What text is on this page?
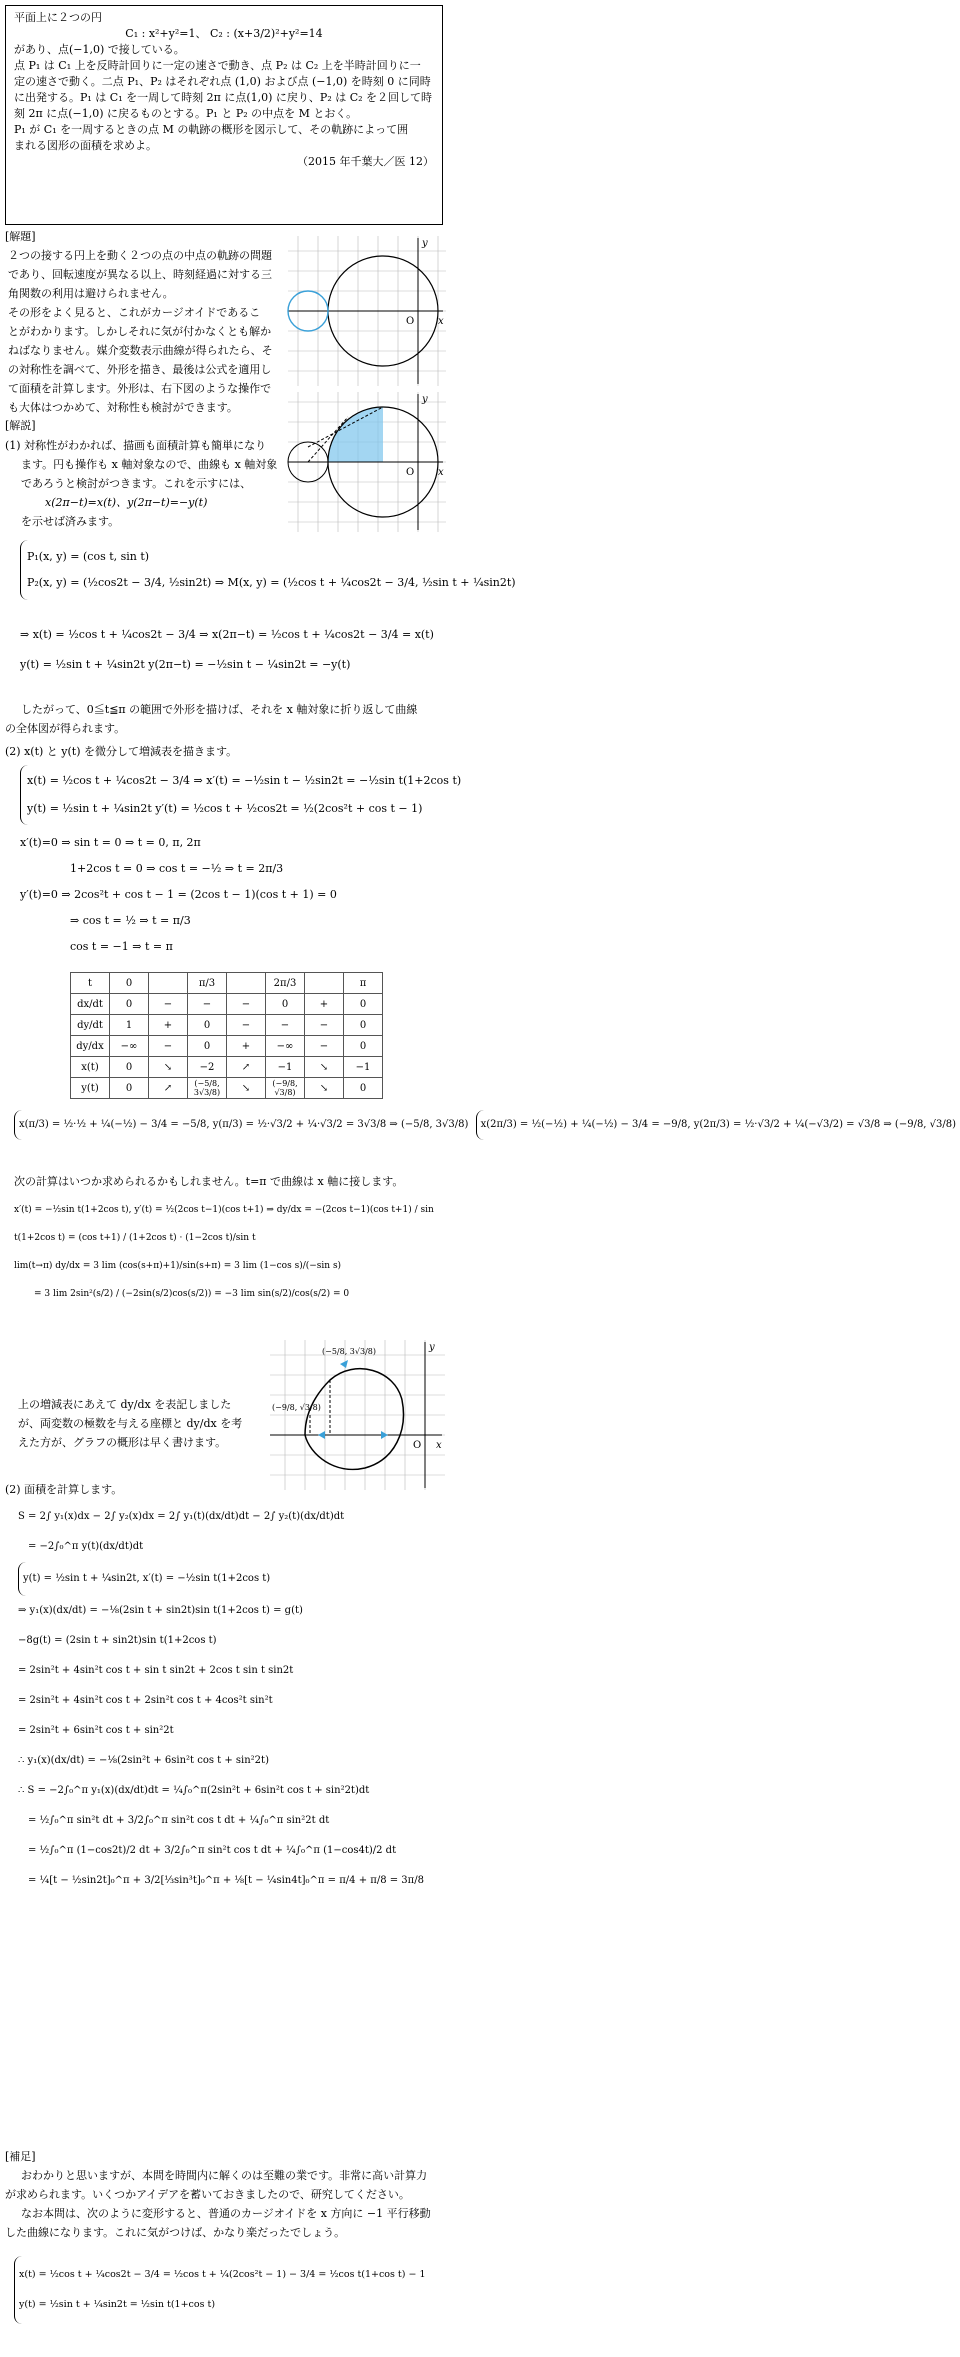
平面上に２つの円

C₁ : x²+y²=1、 C₂ : (x+3/2)²+y²=14

があり、点(−1,0) で接している。

点 P₁ は C₁ 上を反時計回りに一定の速さで動き、点 P₂ は C₂ 上を半時計回りに一

定の速さで動く。二点 P₁、P₂ はそれぞれ点 (1,0) および点 (−1,0) を時刻 0 に同時

に出発する。P₁ は C₁ を一周して時刻 2π に点(1,0) に戻り、P₂ は C₂ を２回して時

刻 2π に点(−1,0) に戻るものとする。P₁ と P₂ の中点を M とおく。

P₁ が C₁ を一周するときの点 M の軌跡の概形を図示して、その軌跡によって囲

まれる図形の面積を求めよ。

（2015 年千葉大／医 12）

[解題]
２つの接する円上を動く２つの点の中点の軌跡の問題
であり、回転速度が異なる以上、時刻経過に対する三
角関数の利用は避けられません。
その形をよく見ると、これがカージオイドであるこ
とがわかります。しかしそれに気が付かなくとも解か
ねばなりません。媒介変数表示曲線が得られたら、そ
の対称性を調べて、外形を描き、最後は公式を適用し
て面積を計算します。外形は、右下図のような操作で
も大体はつかめて、対称性も検討ができます。
O x
y
O x
y
[解説]
(1) 対称性がわかれば、描画も面積計算も簡単になり
ます。円も操作も x 軸対象なので、曲線も x 軸対象
であろうと検討がつきます。これを示すには、
x(2π−t)=x(t)、y(2π−t)=−y(t)
を示せば済みます。
P₁(x, y) = (cos t, sin t)
P₂(x, y) = (½cos2t − 3/4, ½sin2t) ⇒ M(x, y) = (½cos t + ¼cos2t − 3/4, ½sin t + ¼sin2t)
⇒ x(t) = ½cos t + ¼cos2t − 3/4 ⇒ x(2π−t) = ½cos t + ¼cos2t − 3/4 = x(t)
y(t) = ½sin t + ¼sin2t y(2π−t) = −½sin t − ¼sin2t = −y(t)
したがって、0≦t≦π の範囲で外形を描けば、それを x 軸対象に折り返して曲線
の全体図が得られます。
(2) x(t) と y(t) を微分して増減表を描きます。
x(t) = ½cos t + ¼cos2t − 3/4 ⇒ x′(t) = −½sin t − ½sin2t = −½sin t(1+2cos t)
y(t) = ½sin t + ¼sin2t y′(t) = ½cos t + ½cos2t = ½(2cos²t + cos t − 1)
x′(t)=0 ⇒ sin t = 0 ⇒ t = 0, π, 2π
1+2cos t = 0 ⇒ cos t = −½ ⇒ t = 2π/3
y′(t)=0 ⇒ 2cos²t + cos t − 1 = (2cos t − 1)(cos t + 1) = 0
⇒ cos t = ½ ⇒ t = π/3
cos t = −1 ⇒ t = π
t	0		π/3		2π/3		π
dx/dt	0	−	−	−	0	+	0
dy/dt	1	+	0	−	−	−	0
dy/dx	−∞	−	0	+	−∞	−	0
x(t)	0	↘	−2	↗	−1	↘	−1
y(t)	0	↗	(−5/8, 3√3/8)	↘	(−9/8, √3/8)	↘	0
x(π/3) = ½·½ + ¼(−½) − 3/4 = −5/8, y(π/3) = ½·√3/2 + ¼·√3/2 = 3√3/8 ⇒ (−5/8, 3√3/8) x(2π/3) = ½(−½) + ¼(−½) − 3/4 = −9/8, y(2π/3) = ½·√3/2 + ¼(−√3/2) = √3/8 ⇒ (−9/8, √3/8)
次の計算はいつか求められるかもしれません。t=π で曲線は x 軸に接します。
x′(t) = −½sin t(1+2cos t), y′(t) = ½(2cos t−1)(cos t+1) ⇒ dy/dx = −(2cos t−1)(cos t+1) / sin t(1+2cos t) = (cos t+1) / (1+2cos t) · (1−2cos t)/sin t
lim(t→π) dy/dx = 3 lim (cos(s+π)+1)/sin(s+π) = 3 lim (1−cos s)/(−sin s)
= 3 lim 2sin²(s/2) / (−2sin(s/2)cos(s/2)) = −3 lim sin(s/2)/cos(s/2) = 0
(−5/8, 3√3/8)
(−9/8, √3/8)
O x
y
上の増減表にあえて dy/dx を表記しました
が、両変数の極数を与える座標と dy/dx を考
えた方が、グラフの概形は早く書けます。
(2) 面積を計算します。
S = 2∫ y₁(x)dx − 2∫ y₂(x)dx = 2∫ y₁(t)(dx/dt)dt − 2∫ y₂(t)(dx/dt)dt
= −2∫₀^π y(t)(dx/dt)dt
y(t) = ½sin t + ¼sin2t, x′(t) = −½sin t(1+2cos t)
⇒ y₁(x)(dx/dt) = −⅛(2sin t + sin2t)sin t(1+2cos t) = g(t)
−8g(t) = (2sin t + sin2t)sin t(1+2cos t)
= 2sin²t + 4sin²t cos t + sin t sin2t + 2cos t sin t sin2t
= 2sin²t + 4sin²t cos t + 2sin²t cos t + 4cos²t sin²t
= 2sin²t + 6sin²t cos t + sin²2t
∴ y₁(x)(dx/dt) = −⅛(2sin²t + 6sin²t cos t + sin²2t)
∴ S = −2∫₀^π y₁(x)(dx/dt)dt = ¼∫₀^π(2sin²t + 6sin²t cos t + sin²2t)dt
= ½∫₀^π sin²t dt + 3/2∫₀^π sin²t cos t dt + ¼∫₀^π sin²2t dt
= ½∫₀^π (1−cos2t)/2 dt + 3/2∫₀^π sin²t cos t dt + ¼∫₀^π (1−cos4t)/2 dt
= ¼[t − ½sin2t]₀^π + 3/2[⅓sin³t]₀^π + ⅛[t − ¼sin4t]₀^π = π/4 + π/8 = 3π/8
[補足]
おわかりと思いますが、本問を時間内に解くのは至難の業です。非常に高い計算力
が求められます。いくつかアイデアを蓄いておきましたので、研究してください。
なお本問は、次のように変形すると、普通のカージオイドを x 方向に −1 平行移動
した曲線になります。これに気がつけば、かなり楽だったでしょう。
x(t) = ½cos t + ¼cos2t − 3/4 = ½cos t + ¼(2cos²t − 1) − 3/4 = ½cos t(1+cos t) − 1
y(t) = ½sin t + ¼sin2t = ½sin t(1+cos t)
